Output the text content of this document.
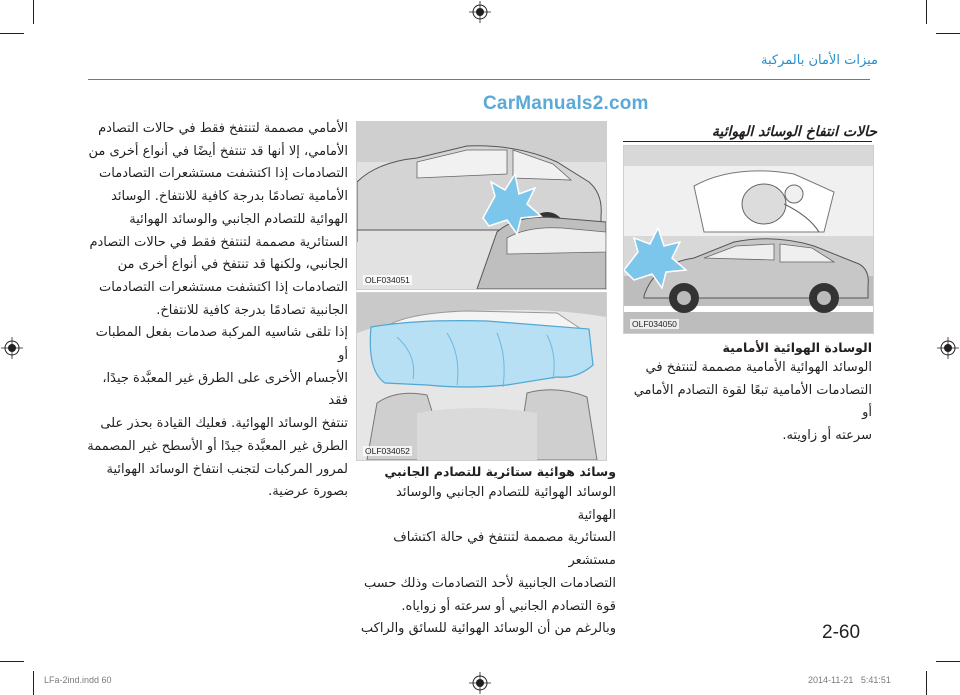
ميزات الأمان بالمركبة
CarManuals2.com
حالات انتفاخ الوسائد الهوائية
OLF034050
الوسادة الهوائية الأمامية
الوسائد الهوائية الأمامية مصممة لتنتفخ في
التصادمات الأمامية تبعًا لقوة التصادم الأمامي أو
سرعته أو زاويته.
OLF034051
OLF034052
وسائد هوائية ستائرية للتصادم الجانبي
الوسائد الهوائية للتصادم الجانبي والوسائد الهوائية
الستائرية مصممة لتنتفخ في حالة اكتشاف مستشعر
التصادمات الجانبية لأحد التصادمات وذلك حسب
قوة التصادم الجانبي أو سرعته أو زواياه.
وبالرغم من أن الوسائد الهوائية للسائق والراكب
الأمامي مصممة لتنتفخ فقط في حالات التصادم
الأمامي، إلا أنها قد تنتفخ أيضًا في أنواع أخرى من
التصادمات إذا اكتشفت مستشعرات التصادمات
الأمامية تصادمًا بدرجة كافية للانتفاخ. الوسائد
الهوائية للتصادم الجانبي والوسائد الهوائية
الستائرية مصممة لتنتفخ فقط في حالات التصادم
الجانبي، ولكنها قد تنتفخ في أنواع أخرى من
التصادمات إذا اكتشفت مستشعرات التصادمات
الجانبية تصادمًا بدرجة كافية للانتفاخ.
إذا تلقى شاسيه المركبة صدمات بفعل المطبات أو
الأجسام الأخرى على الطرق غير المعبَّدة جيدًا، فقد
تنتفخ الوسائد الهوائية. فعليك القيادة بحذر على
الطرق غير المعبَّدة جيدًا أو الأسطح غير المصممة
لمرور المركبات لتجنب انتفاخ الوسائد الهوائية
بصورة عرضية.
2-60
LFa-2ind.indd 60	2014-11-21   5:41:51
